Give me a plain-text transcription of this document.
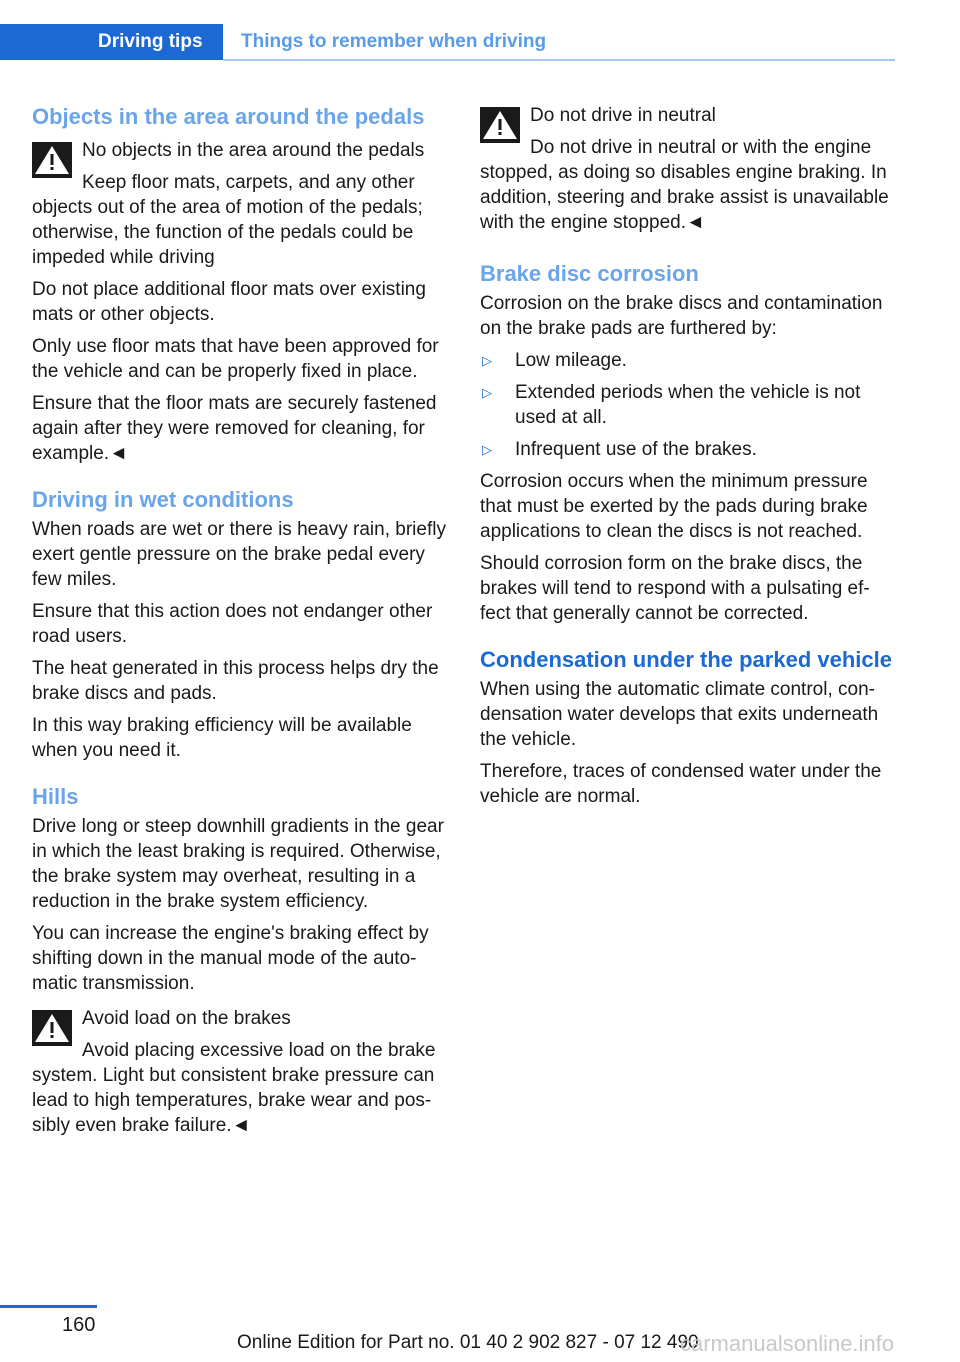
Driving tips	Things to remember when driving
Objects in the area around the pedals

No objects in the area around the pedals

Keep floor mats, carpets, and any other

objects out of the area of motion of the pedals; otherwise, the function of the pedals could be impeded while driving

Do not place additional floor mats over existing mats or other objects.

Only use floor mats that have been approved for the vehicle and can be properly fixed in place.

Ensure that the floor mats are securely fastened again after they were removed for cleaning, for example.◄

Driving in wet conditions

When roads are wet or there is heavy rain, briefly exert gentle pressure on the brake pedal every few miles.

Ensure that this action does not endanger other road users.

The heat generated in this process helps dry the brake discs and pads.

In this way braking efficiency will be available when you need it.

Hills

Drive long or steep downhill gradients in the gear in which the least braking is required. Otherwise, the brake system may overheat, resulting in a reduction in the brake system efficiency.

You can increase the engine's braking effect by shifting down in the manual mode of the auto- matic transmission.

Avoid load on the brakes

Avoid placing excessive load on the brake

system. Light but consistent brake pressure can lead to high temperatures, brake wear and pos- sibly even brake failure.◄

Do not drive in neutral

Do not drive in neutral or with the engine

stopped, as doing so disables engine braking. In addition, steering and brake assist is unavailable with the engine stopped.◄

Brake disc corrosion

Corrosion on the brake discs and contamination on the brake pads are furthered by:

▷	Low mileage.
▷	Extended periods when the vehicle is not used at all.
▷	Infrequent use of the brakes.

Corrosion occurs when the minimum pressure that must be exerted by the pads during brake applications to clean the discs is not reached.

Should corrosion form on the brake discs, the brakes will tend to respond with a pulsating ef- fect that generally cannot be corrected.

Condensation under the parked vehicle

When using the automatic climate control, con- densation water develops that exits underneath the vehicle.

Therefore, traces of condensed water under the vehicle are normal.

160
Online Edition for Part no. 01 40 2 902 827 - 07 12 490
carmanualsonline.info
